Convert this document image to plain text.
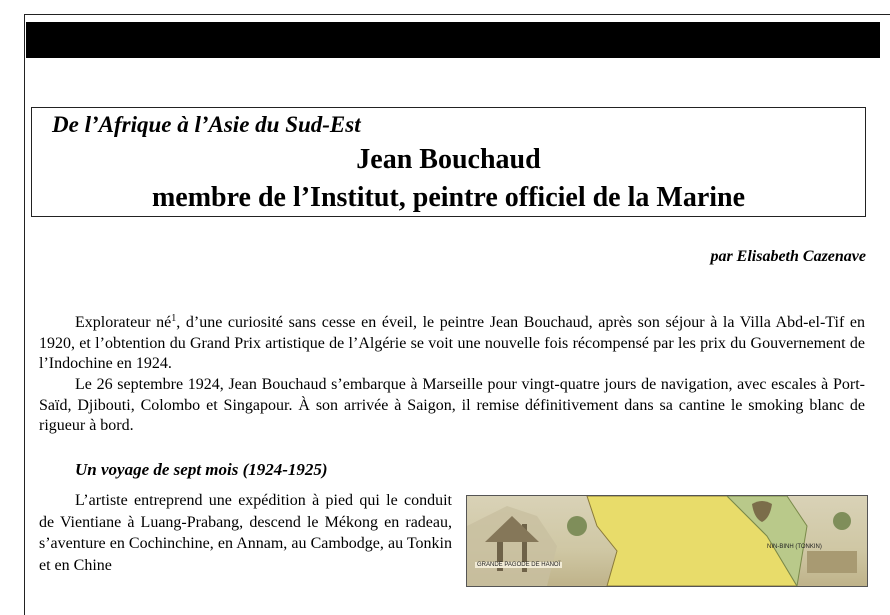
I&M - Bulletin  n°42

De l’Afrique à l’Asie du Sud-Est
Jean Bouchaud
membre de l’Institut, peintre officiel de la Marine
par Elisabeth Cazenave

Explorateur $né^1$, d’une curiosité sans cesse en éveil, le peintre Jean Bouchaud, après son séjour à la Villa Abd-el-Tif en 1920, et l’obtention du Grand Prix artistique de l’Algérie se voit une nouvelle fois récompensé par les prix du Gouvernement de l’Indochine en 1924.

Le 26 septembre 1924, Jean Bouchaud s’embarque à Marseille pour vingt-quatre jours de navigation, avec escales à Port-Saïd, Djibouti, Colombo et Singapour. À son arrivée à Saigon, il remise définitivement dans sa cantine le smoking blanc de rigueur à bord.

Un voyage de sept mois (1924-1925)

L’artiste entreprend une expédition à pied qui le conduit de Vientiane à Luang-Prabang, descend le Mékong en radeau, s’aventure en Cochinchine, en Annam, au Cambodge, au Tonkin et en Chine	GRANDE PAGODE DE HANOÏ
NIN-BINH (TONKIN)
